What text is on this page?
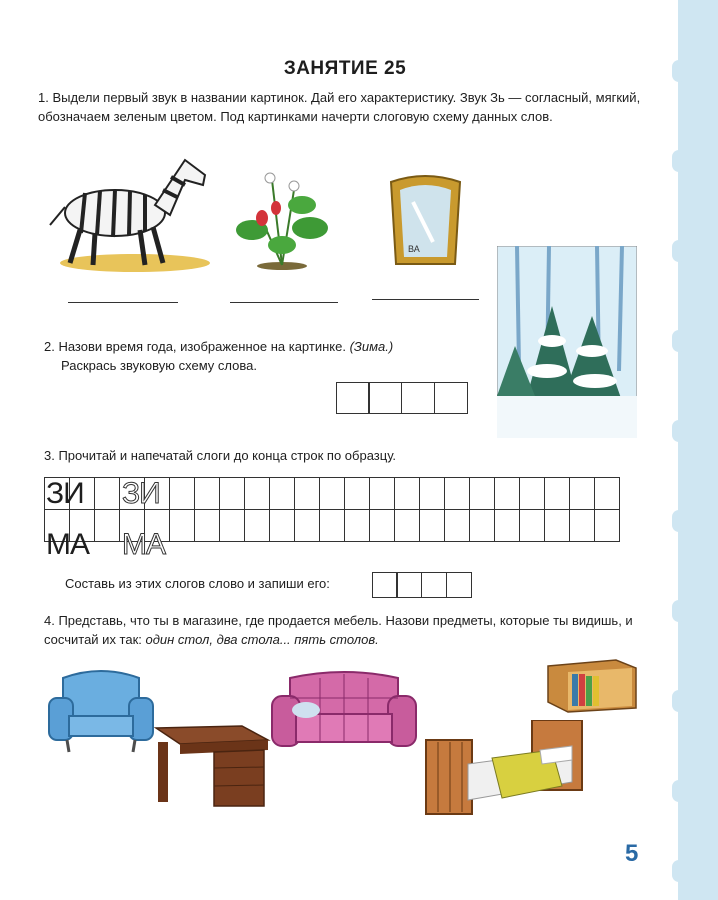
ЗАНЯТИЕ 25
1. Выдели первый звук в названии картинок. Дай его характеристику. Звук Зь — согласный, мягкий, обозначаем зеленым цветом. Под картинками начерти слоговую схему данных слов.
ВА
2. Назови время года, изображенное на картинке. (Зима.)
Раскрась звуковую схему слова.
3. Прочитай и напечатай слоги до конца строк по образцу.

ЗИ ЗИ
МА МА
Составь из этих слогов слово и запиши его:
4. Представь, что ты в магазине, где продается мебель. Назови предметы, которые ты видишь, и сосчитай их так: один стол, два стола... пять столов.
5
